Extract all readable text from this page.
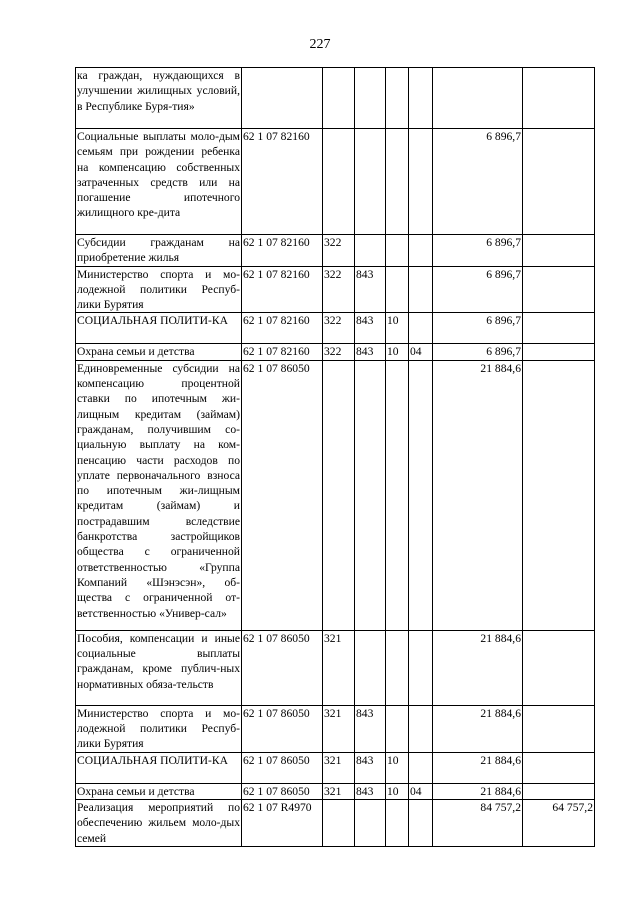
227
ка граждан, нуждающихся в улучшении жилищных условий, в Республике Буря-тия»							
Социальные выплаты моло-дым семьям при рождении ребенка на компенсацию собственных затраченных средств или на погашение ипотечного жилищного кре-дита	62 1 07 82160					6 896,7	
Субсидии гражданам на приобретение жилья	62 1 07 82160	322				6 896,7	
Министерство спорта и мо-лодежной политики Респуб-лики Бурятия	62 1 07 82160	322	843			6 896,7	
СОЦИАЛЬНАЯ ПОЛИТИ-КА	62 1 07 82160	322	843	10		6 896,7	
Охрана семьи и детства	62 1 07 82160	322	843	10	04	6 896,7	
Единовременные субсидии на компенсацию процентной ставки по ипотечным жи-лищным кредитам (займам) гражданам, получившим со-циальную выплату на ком-пенсацию части расходов по уплате первоначального взноса по ипотечным жи-лищным кредитам (займам) и пострадавшим вследствие банкротства застройщиков общества с ограниченной ответственностью «Группа Компаний «Шэнэсэн», об-щества с ограниченной от-ветственностью «Универ-сал»	62 1 07 86050					21 884,6	
Пособия, компенсации и иные социальные выплаты гражданам, кроме публич-ных нормативных обяза-тельств	62 1 07 86050	321				21 884,6	
Министерство спорта и мо-лодежной политики Респуб-лики Бурятия	62 1 07 86050	321	843			21 884,6	
СОЦИАЛЬНАЯ ПОЛИТИ-КА	62 1 07 86050	321	843	10		21 884,6	
Охрана семьи и детства	62 1 07 86050	321	843	10	04	21 884,6	
Реализация мероприятий по обеспечению жильем моло-дых семей	62 1 07 R4970					84 757,2	64 757,2
